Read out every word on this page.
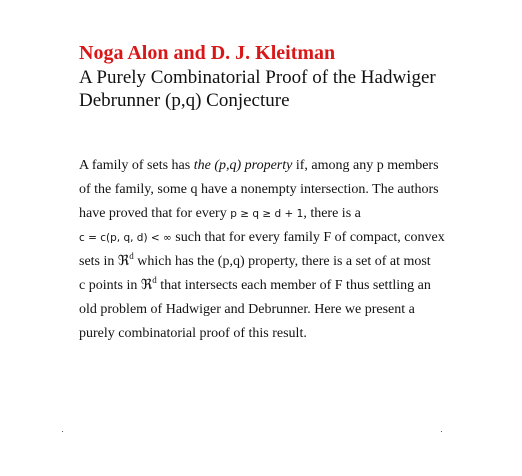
Noga Alon and D. J. Kleitman
A Purely Combinatorial Proof of the Hadwiger
Debrunner (p,q) Conjecture
A family of sets has the (p,q) property if, among any p members
of the family, some q have a nonempty intersection. The authors
have proved that for every p ≥ q ≥ d + 1, there is a
c = c(p, q, d) < ∞ such that for every family F of compact, convex
sets in ℜ$^d$ which has the (p,q) property, there is a set of at most
c points in ℜ$^d$ that intersects each member of F thus settling an
old problem of Hadwiger and Debrunner. Here we present a
purely combinatorial proof of this result.
